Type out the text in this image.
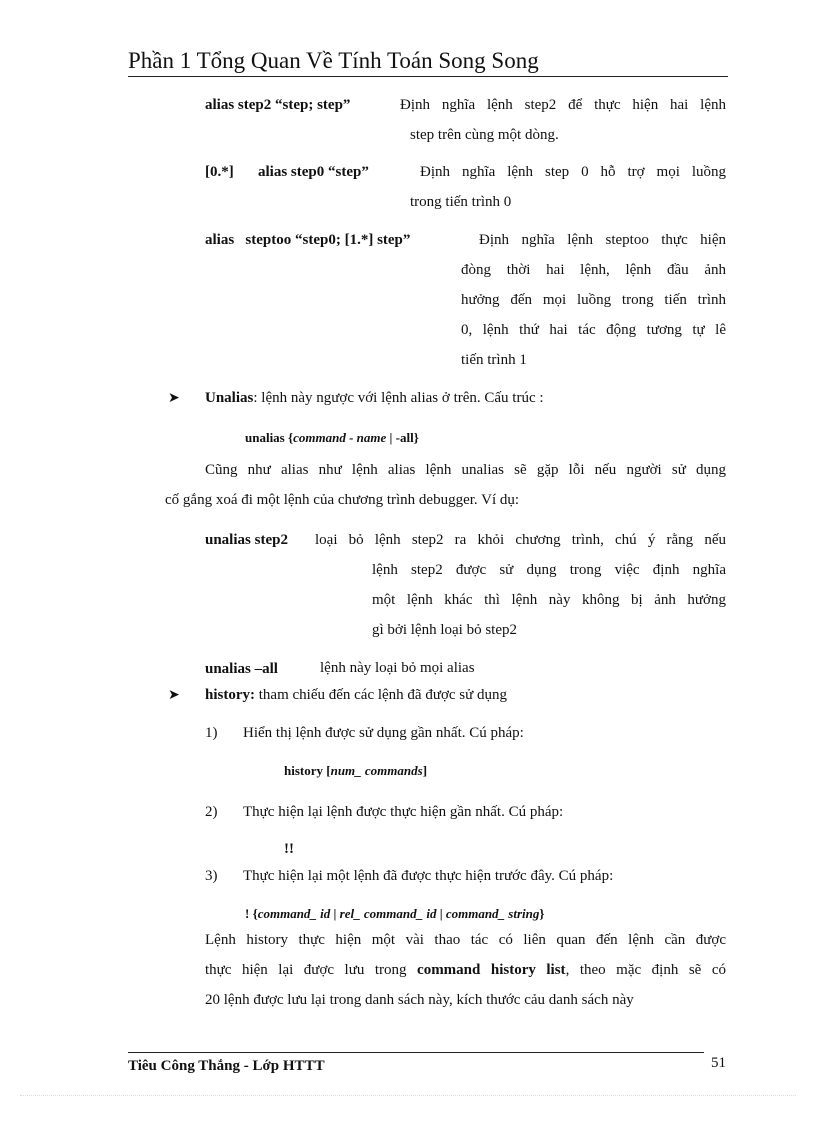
Phần 1 Tổng Quan Về Tính Toán Song Song
alias step2 “step; step”	Định nghĩa lệnh step2 để thực hiện hai lệnh
step trên cùng một dòng.
[0.*] alias step0 “step”	Định nghĩa lệnh step 0 hỗ trợ mọi luồng
trong tiến trình 0
alias   steptoo “step0; [1.*] step”	Định nghĩa lệnh steptoo thực hiện
đòng thời hai lệnh, lệnh đầu ảnh
hưởng đến mọi luồng trong tiến trình
0, lệnh thứ hai tác động tương tự lê
tiến trình 1
➤ Unalias: lệnh này ngược với lệnh alias ở trên. Cấu trúc :
unalias {command - name | -all}
Cũng như alias như lệnh alias lệnh unalias sẽ gặp lỗi nếu người sử dụng
cố gắng xoá đi một lệnh của chương trình debugger. Ví dụ:
unalias step2 loại bỏ lệnh step2 ra khỏi chương trình, chú ý rằng nếu
lệnh step2 được sử dụng trong việc định nghĩa
một lệnh khác thì lệnh này không bị ảnh hưởng
gì bởi lệnh loại bỏ step2
unalias –all	lệnh này loại bỏ mọi alias
➤ history: tham chiếu đến các lệnh đã được sử dụng
1) Hiển thị lệnh được sử dụng gần nhất. Cú pháp:
history [num_ commands]
2) Thực hiện lại lệnh được thực hiện gần nhất. Cú pháp:
!!
3) Thực hiện lại một lệnh đã được thực hiện trước đây. Cú pháp:
! {command_ id | rel_ command_ id | command_ string}
Lệnh history thực hiện một vài thao tác có liên quan đến lệnh cần được
thực hiện lại được lưu trong command history list, theo mặc định sẽ có
20 lệnh được lưu lại trong danh sách này, kích thước cảu danh sách này
Tiêu Công Thắng - Lớp HTTT	51
